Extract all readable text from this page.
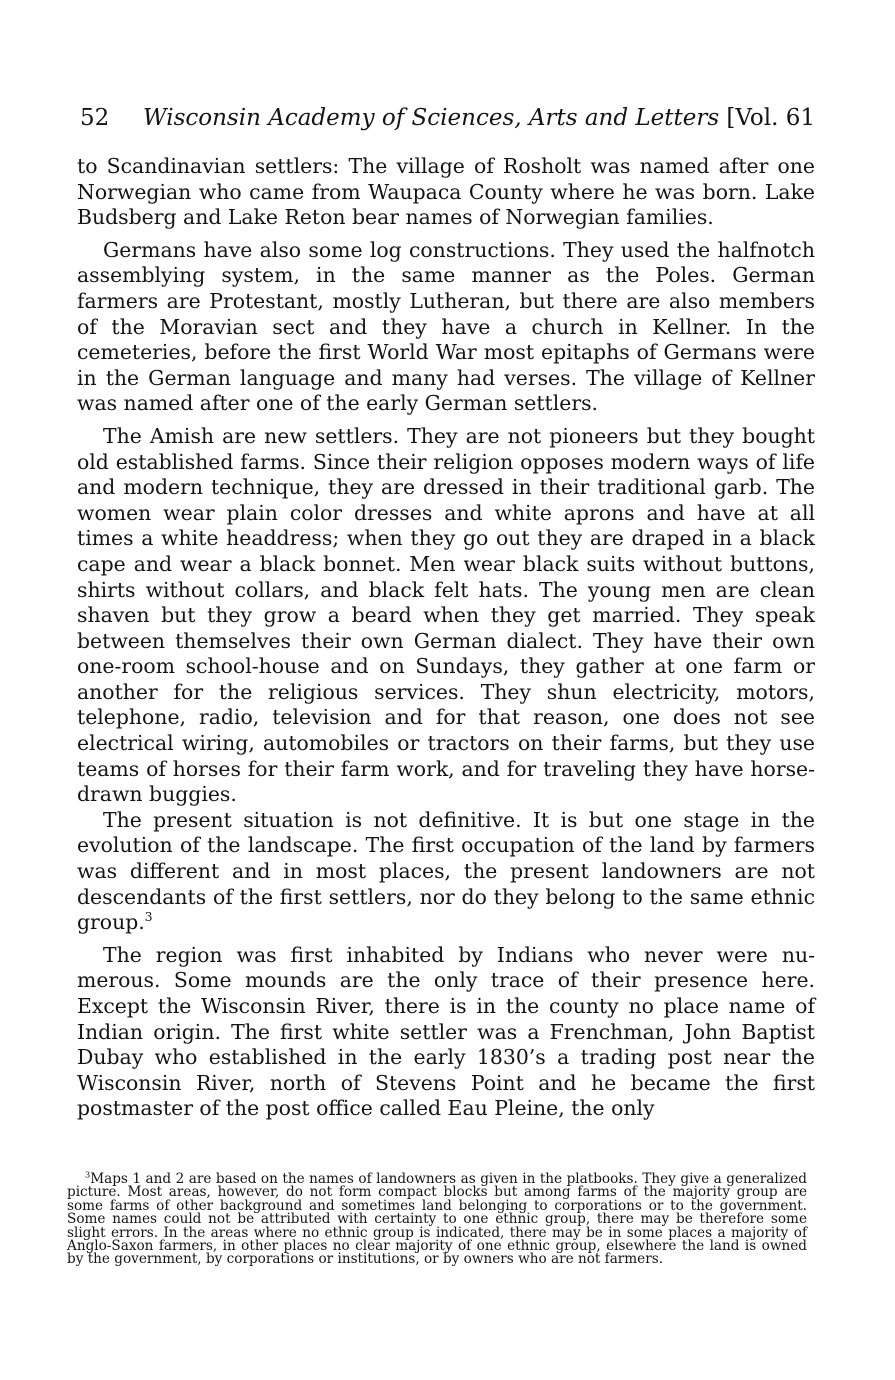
52 Wisconsin Academy of Sciences, Arts and Letters [Vol. 61

to Scandinavian settlers: The village of Rosholt was named after one Norwegian who came from Waupaca County where he was born. Lake Budsberg and Lake Reton bear names of Norwegian families.

Germans have also some log constructions. They used the halfnotch assemblying system, in the same manner as the Poles. German farmers are Protestant, mostly Lutheran, but there are also members of the Moravian sect and they have a church in Kellner. In the cemeteries, before the first World War most epitaphs of Germans were in the German language and many had verses. The village of Kellner was named after one of the early German settlers.

The Amish are new settlers. They are not pioneers but they bought old established farms. Since their religion opposes modern ways of life and modern technique, they are dressed in their traditional garb. The women wear plain color dresses and white aprons and have at all times a white headdress; when they go out they are draped in a black cape and wear a black bonnet. Men wear black suits without buttons, shirts without collars, and black felt hats. The young men are clean shaven but they grow a beard when they get married. They speak between themselves their own German dialect. They have their own one-room school-house and on Sundays, they gather at one farm or another for the religious services. They shun electricity, motors, telephone, radio, television and for that reason, one does not see electrical wiring, automobiles or tractors on their farms, but they use teams of horses for their farm work, and for traveling they have horse-drawn buggies.

The present situation is not definitive. It is but one stage in the evolution of the landscape. The first occupation of the land by farmers was different and in most places, the present landowners are not descendants of the first settlers, nor do they belong to the same ethnic group.$^3$

The region was first inhabited by Indians who never were numerous. Some mounds are the only trace of their presence here. Except the Wisconsin River, there is in the county no place name of Indian origin. The first white settler was a Frenchman, John Baptist Dubay who established in the early 1830’s a trading post near the Wisconsin River, north of Stevens Point and he became the first postmaster of the post office called Eau Pleine, the only

$^3$Maps 1 and 2 are based on the names of landowners as given in the platbooks. They give a generalized picture. Most areas, however, do not form compact blocks but among farms of the majority group are some farms of other background and sometimes land belonging to corporations or to the government. Some names could not be attributed with certainty to one ethnic group, there may be therefore some slight errors. In the areas where no ethnic group is indicated, there may be in some places a majority of Anglo-Saxon farmers, in other places no clear majority of one ethnic group, elsewhere the land is owned by the government, by corporations or institutions, or by owners who are not farmers.
